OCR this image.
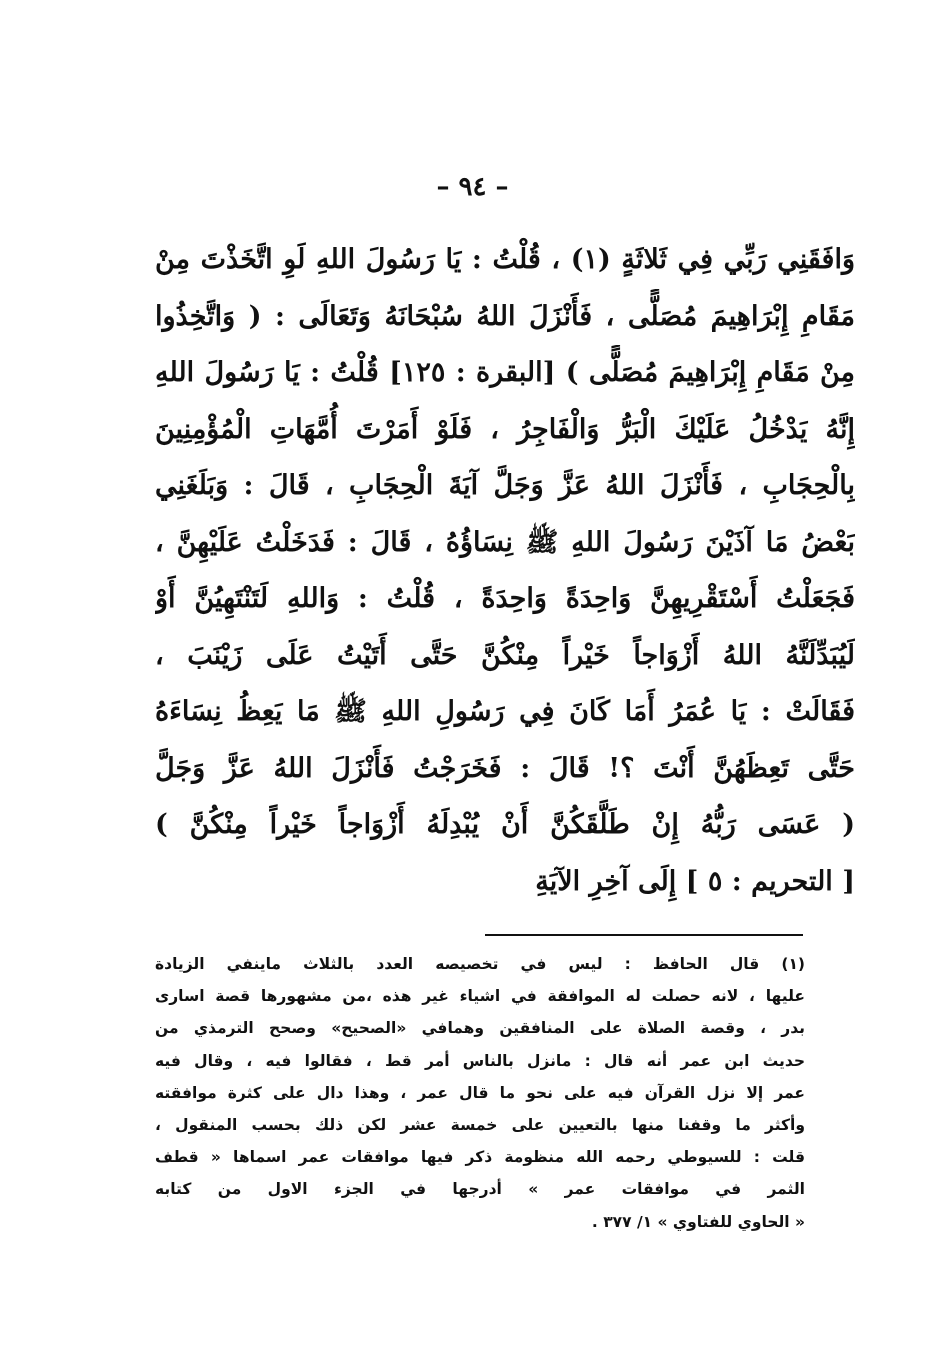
– ٩٤ –
وَافَقَنِي رَبِّي فِي ثَلاثَةٍ (١) ، قُلْتُ : يَا رَسُولَ اللهِ لَوِ اتَّخَذْتَ مِنْ
مَقَامِ إِبْرَاهِيمَ مُصَلًّى ، فَأَنْزَلَ اللهُ سُبْحَانَهُ وَتَعَالَى : ( وَاتَّخِذُوا
مِنْ مَقَامِ إِبْرَاهِيمَ مُصَلًّى ) [البقرة : ١٢٥] قُلْتُ : يَا رَسُولَ اللهِ
إِنَّهُ يَدْخُلُ عَلَيْكَ الْبَرُّ وَالْفَاجِرُ ، فَلَوْ أَمَرْتَ أُمَّهَاتِ الْمُؤْمِنِينَ
بِالْحِجَابِ ، فَأَنْزَلَ اللهُ عَزَّ وَجَلَّ آيَةَ الْحِجَابِ ، قَالَ : وَبَلَغَنِي
بَعْضُ مَا آذَيْنَ رَسُولَ اللهِ ﷺ نِسَاؤُهُ ، قَالَ : فَدَخَلْتُ عَلَيْهِنَّ ،
فَجَعَلْتُ أَسْتَقْرِيهِنَّ وَاحِدَةً وَاحِدَةً ، قُلْتُ : وَاللهِ لَتَنْتَهِيُنَّ أَوْ
لَيُبَدِّلَنَّهُ اللهُ أَزْوَاجاً خَيْراً مِنْكُنَّ حَتَّى أَتَيْتُ عَلَى زَيْنَبَ ،
فَقَالَتْ : يَا عُمَرُ أَمَا كَانَ فِي رَسُولِ اللهِ ﷺ مَا يَعِظُ نِسَاءَهُ
حَتَّى تَعِظَهُنَّ أَنْتَ ؟! قَالَ : فَخَرَجْتُ فَأَنْزَلَ اللهُ عَزَّ وَجَلَّ
( عَسَى رَبُّهُ إِنْ طَلَّقَكُنَّ أَنْ يُبْدِلَهُ أَزْوَاجاً خَيْراً مِنْكُنَّ )
[ التحريم : ٥ ] إِلَى آخِرِ الآيَةِ
(١) قال الحافظ : ليس في تخصيصه العدد بالثلاث ماينفي الزيادة
عليها ، لانه حصلت له الموافقة في اشياء غير هذه ،من مشهورها قصة اسارى
بدر ، وقصة الصلاة على المنافقين وهمافي «الصحيح» وصحح الترمذي من
حديث ابن عمر أنه قال : مانزل بالناس أمر قط ، فقالوا فيه ، وقال فيه
عمر إلا نزل القرآن فيه على نحو ما قال عمر ، وهذا دال على كثرة موافقته
وأكثر ما وقفنا منها بالتعيين على خمسة عشر لكن ذلك بحسب المنقول ،
قلت : للسيوطي رحمه الله منظومة ذكر فيها موافقات عمر اسماها « قطف
الثمر في موافقات عمر » أدرجها في الجزء الاول من كتابه
« الحاوي للفتاوي » ١/ ٣٧٧ .
